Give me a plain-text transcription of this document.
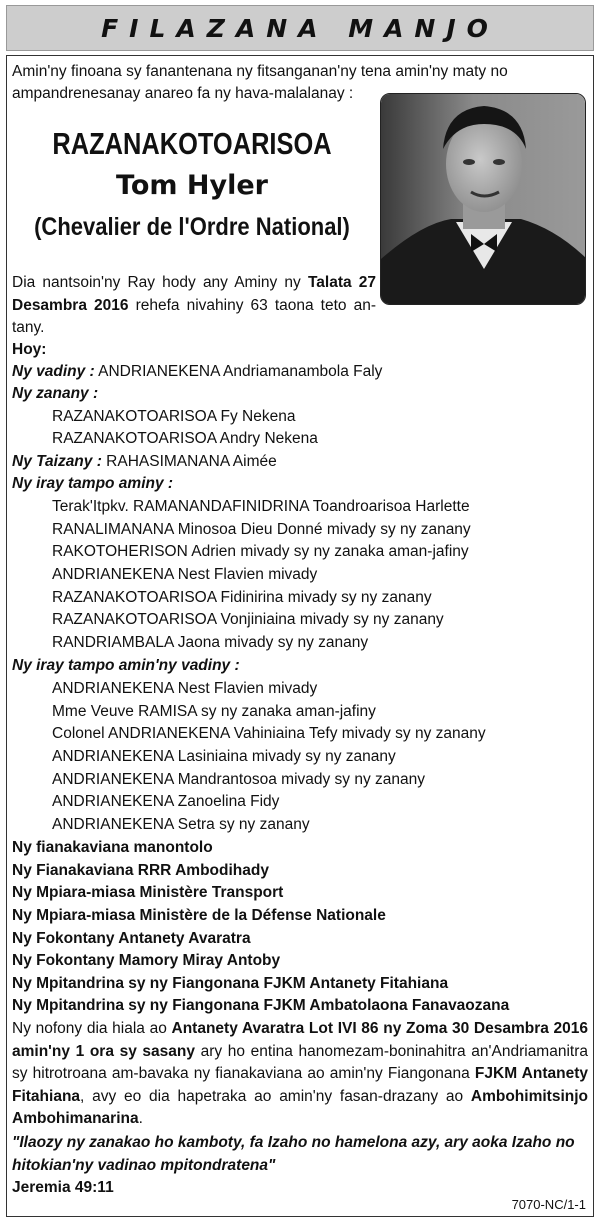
FILAZANA MANJO
Amin'ny finoana sy fanantenana ny fitsanganan'ny tena amin'ny maty no ampandrenesanay anareo fa ny hava-malalanay :
RAZANAKOTOARISOA
Tom Hyler
(Chevalier de l'Ordre National)
Dia nantsoin'ny Ray hody any Aminy ny Talata 27 Desambra 2016 rehefa nivahiny 63 taona teto an-tany.
Hoy:
Ny vadiny : ANDRIANEKENA Andriamanambola Faly
Ny zanany :
RAZANAKOTOARISOA Fy Nekena
RAZANAKOTOARISOA Andry Nekena
Ny Taizany : RAHASIMANANA Aimée
Ny iray tampo aminy :
Terak'Itpkv. RAMANANDAFINIDRINA Toandroarisoa Harlette
RANALIMANANA Minosoa Dieu Donné mivady sy ny zanany
RAKOTOHERISON Adrien mivady sy ny zanaka aman-jafiny
ANDRIANEKENA Nest Flavien mivady
RAZANAKOTOARISOA Fidinirina mivady sy ny zanany
RAZANAKOTOARISOA Vonjiniaina mivady sy ny zanany
RANDRIAMBALA Jaona mivady sy ny zanany
Ny iray tampo amin'ny vadiny :
ANDRIANEKENA Nest Flavien mivady
Mme Veuve RAMISA sy ny zanaka aman-jafiny
Colonel ANDRIANEKENA Vahiniaina Tefy mivady sy ny zanany
ANDRIANEKENA Lasiniaina mivady sy ny zanany
ANDRIANEKENA Mandrantosoa mivady sy ny zanany
ANDRIANEKENA Zanoelina Fidy
ANDRIANEKENA Setra sy ny zanany
Ny fianakaviana manontolo
Ny Fianakaviana RRR Ambodihady
Ny Mpiara-miasa Ministère Transport
Ny Mpiara-miasa Ministère de la Défense Nationale
Ny Fokontany Antanety Avaratra
Ny Fokontany Mamory Miray Antoby
Ny Mpitandrina sy ny Fiangonana FJKM Antanety Fitahiana
Ny Mpitandrina sy ny Fiangonana FJKM Ambatolaona Fanavaozana
Ny nofony dia hiala ao Antanety Avaratra Lot IVI 86 ny Zoma 30 Desambra 2016 amin'ny 1 ora sy sasany ary ho entina hanomezam-boninahitra an'Andriamanitra sy hitrotroana am-bavaka ny fianakaviana ao amin'ny Fiangonana FJKM Antanety Fitahiana, avy eo dia hapetraka ao amin'ny fasan-drazany ao Ambohimitsinjo Ambohimanarina.
"Ilaozy ny zanakao ho kamboty, fa Izaho no hamelona azy, ary aoka Izaho no hitokian'ny vadinao mpitondratena"
Jeremia 49:11
7070-NC/1-1
